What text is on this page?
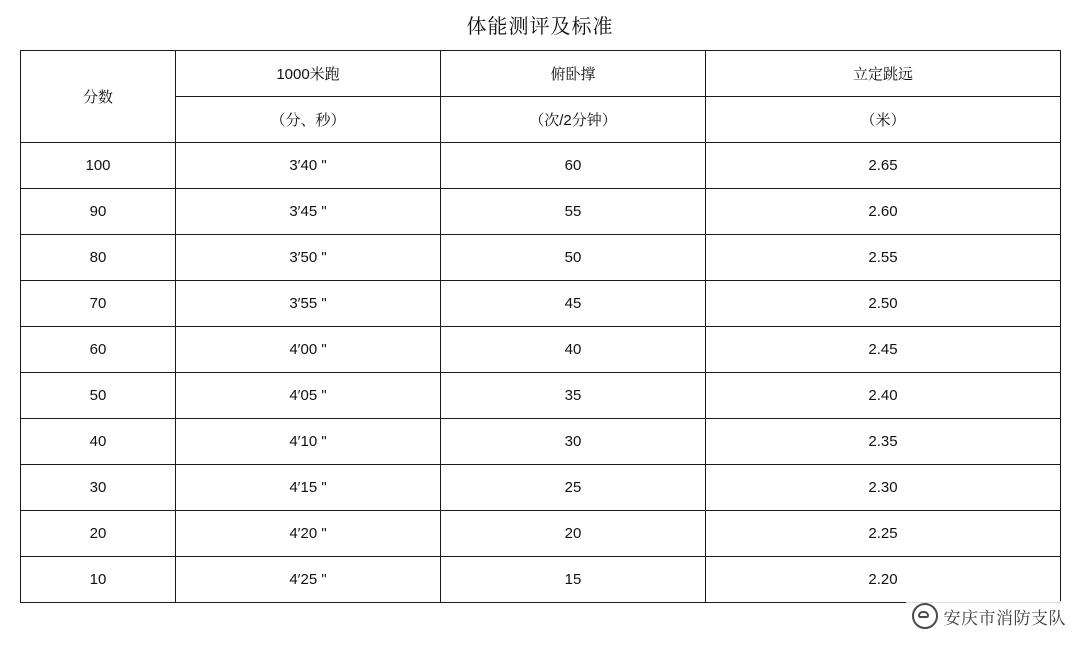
体能测评及标准
分数	1000米跑	俯卧撑	立定跳远
	（分、秒）	（次/2分钟）	（米）
100	3′40 "	60	2.65
90	3′45 "	55	2.60
80	3′50 "	50	2.55
70	3′55 "	45	2.50
60	4′00 "	40	2.45
50	4′05 "	35	2.40
40	4′10 "	30	2.35
30	4′15 "	25	2.30
20	4′20 "	20	2.25
10	4′25 "	15	2.20
安庆市消防支队
